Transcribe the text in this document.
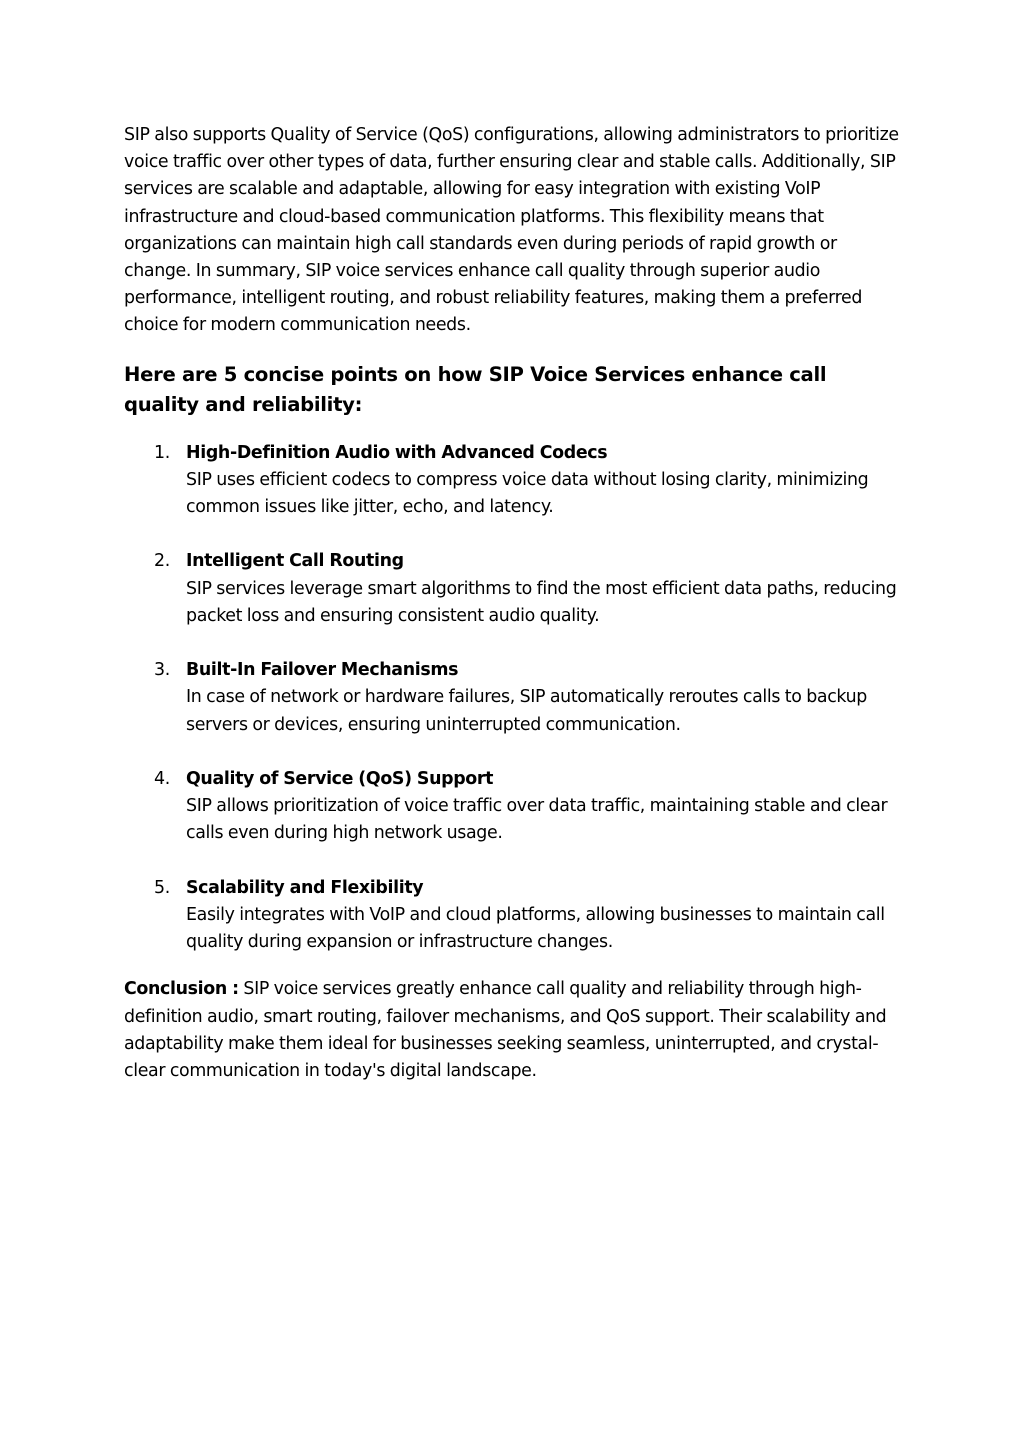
SIP also supports Quality of Service (QoS) configurations, allowing administrators to prioritize voice traffic over other types of data, further ensuring clear and stable calls. Additionally, SIP services are scalable and adaptable, allowing for easy integration with existing VoIP infrastructure and cloud-based communication platforms. This flexibility means that organizations can maintain high call standards even during periods of rapid growth or change. In summary, SIP voice services enhance call quality through superior audio performance, intelligent routing, and robust reliability features, making them a preferred choice for modern communication needs.

Here are 5 concise points on how SIP Voice Services enhance call quality and reliability:
1. High-Definition Audio with Advanced Codecs
SIP uses efficient codecs to compress voice data without losing clarity, minimizing common issues like jitter, echo, and latency.
2. Intelligent Call Routing
SIP services leverage smart algorithms to find the most efficient data paths, reducing packet loss and ensuring consistent audio quality.
3. Built-In Failover Mechanisms
In case of network or hardware failures, SIP automatically reroutes calls to backup servers or devices, ensuring uninterrupted communication.
4. Quality of Service (QoS) Support
SIP allows prioritization of voice traffic over data traffic, maintaining stable and clear calls even during high network usage.
5. Scalability and Flexibility
Easily integrates with VoIP and cloud platforms, allowing businesses to maintain call quality during expansion or infrastructure changes.

Conclusion : SIP voice services greatly enhance call quality and reliability through high-definition audio, smart routing, failover mechanisms, and QoS support. Their scalability and adaptability make them ideal for businesses seeking seamless, uninterrupted, and crystal-clear communication in today's digital landscape.
